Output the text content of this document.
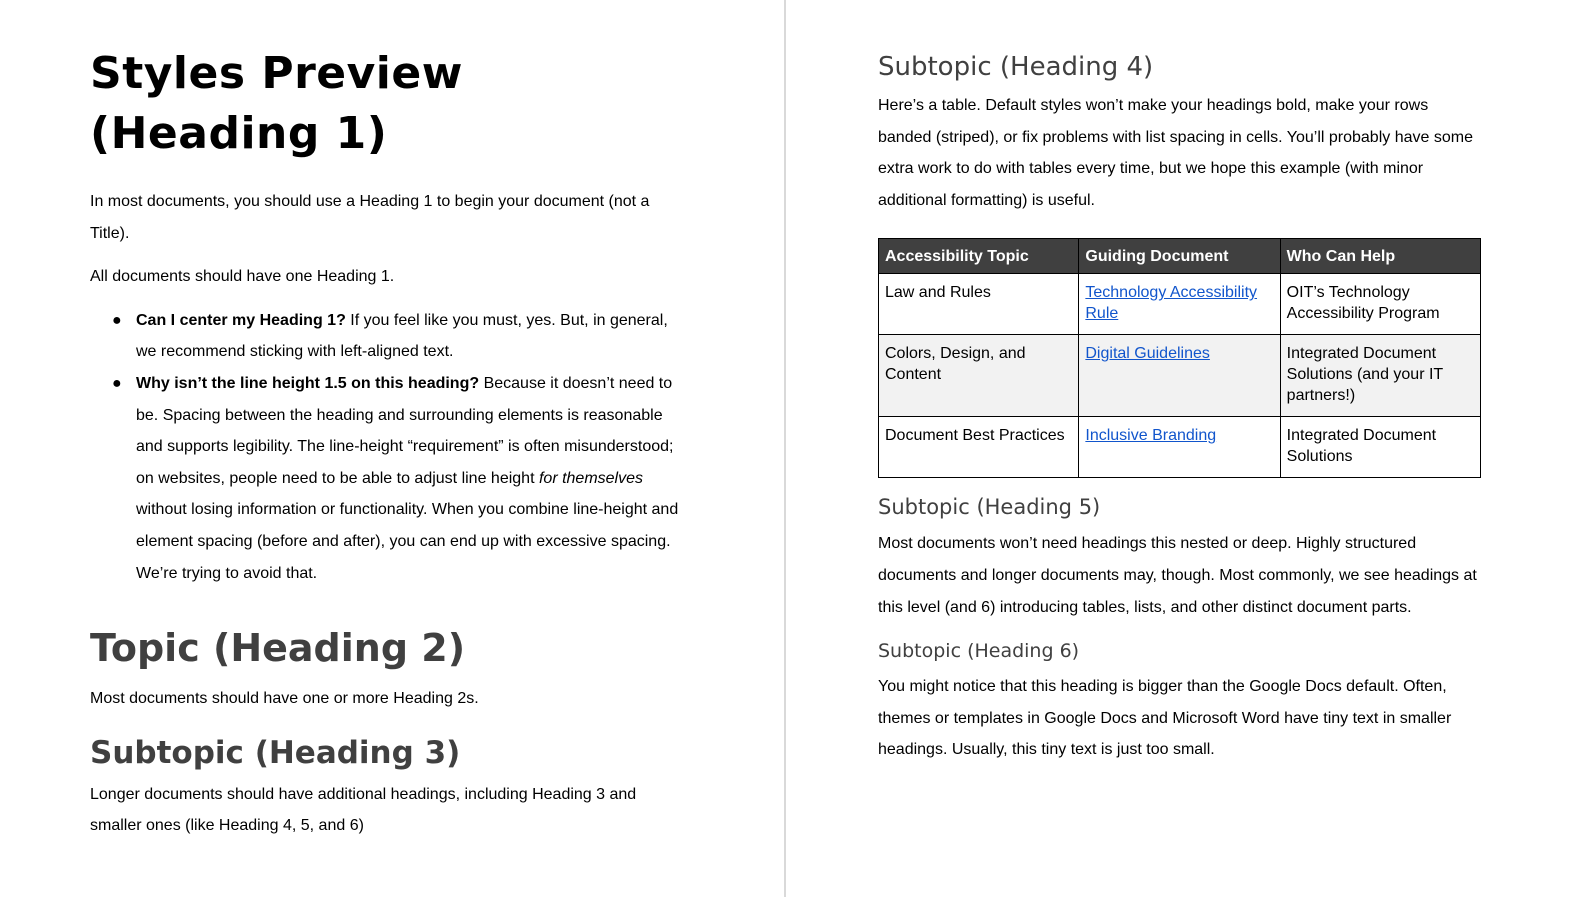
Styles Preview (Heading 1)

In most documents, you should use a Heading 1 to begin your document (not a Title).

All documents should have one Heading 1.

● Can I center my Heading 1? If you feel like you must, yes. But, in general, we recommend sticking with left-aligned text.
● Why isn’t the line height 1.5 on this heading? Because it doesn’t need to be. Spacing between the heading and surrounding elements is reasonable and supports legibility. The line-height “requirement” is often misunderstood; on websites, people need to be able to adjust line height for themselves without losing information or functionality. When you combine line-height and element spacing (before and after), you can end up with excessive spacing. We’re trying to avoid that.
Topic (Heading 2)

Most documents should have one or more Heading 2s.

Subtopic (Heading 3)

Longer documents should have additional headings, including Heading 3 and smaller ones (like Heading 4, 5, and 6)

Subtopic (Heading 4)

Here’s a table. Default styles won’t make your headings bold, make your rows banded (striped), or fix problems with list spacing in cells. You’ll probably have some extra work to do with tables every time, but we hope this example (with minor additional formatting) is useful.

Accessibility Topic	Guiding Document	Who Can Help
Law and Rules	Technology Accessibility Rule	OIT’s Technology Accessibility Program
Colors, Design, and Content	Digital Guidelines	Integrated Document Solutions (and your IT partners!)
Document Best Practices	Inclusive Branding	Integrated Document Solutions
Subtopic (Heading 5)

Most documents won’t need headings this nested or deep. Highly structured documents and longer documents may, though. Most commonly, we see headings at this level (and 6) introducing tables, lists, and other distinct document parts.

Subtopic (Heading 6)

You might notice that this heading is bigger than the Google Docs default. Often, themes or templates in Google Docs and Microsoft Word have tiny text in smaller headings. Usually, this tiny text is just too small.
